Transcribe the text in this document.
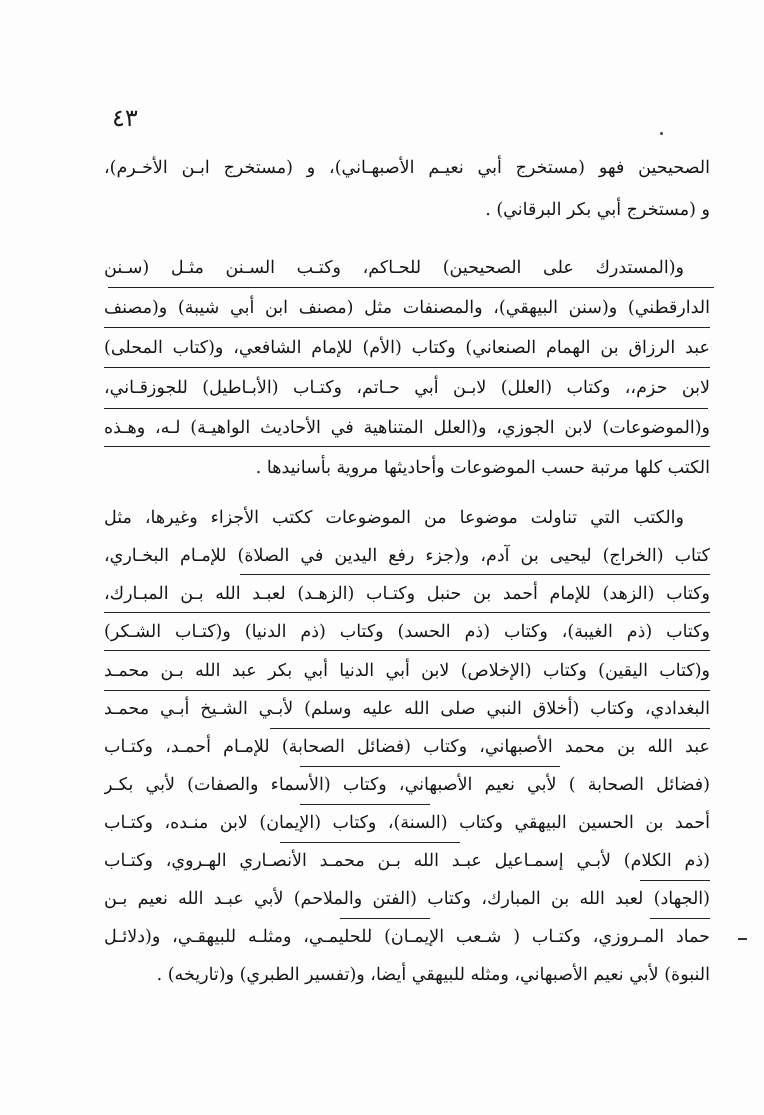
٤٣
الصحيحين فهو (مستخرج أبي نعيـم الأصبهـاني)، و (مستخرج ابـن الأخـرم)،
و (مستخرج أبي بكر البرقاني) .
و(المستدرك على الصحيحين) للحـاكم، وكتـب السـنن مثـل (سـنن
الدارقطني) و(سنن البيهقي)، والمصنفات مثل (مصنف ابن أبي شيبة) و(مصنف
عبد الرزاق بن الهمام الصنعاني) وكتاب (الأم) للإمام الشافعي، و(كتاب المحلى)
لابن حزم،، وكتاب (العلل) لابـن أبي حـاتم، وكتـاب (الأبـاطيل) للجوزقـاني،
و(الموضوعات) لابن الجوزي، و(العلل المتناهية في الأحاديث الواهيـة) لـه، وهـذه
الكتب كلها مرتبة حسب الموضوعات وأحاديثها مروية بأسانيدها .
والكتب التي تناولت موضوعا من الموضوعات ككتب الأجزاء وغيرها، مثل
كتاب (الخراج) ليحيى بن آدم، و(جزء رفع اليدين في الصلاة) للإمـام البخـاري،
وكتاب (الزهد) للإمام أحمد بن حنبل وكتـاب (الزهـد) لعبـد الله بـن المبـارك،
وكتاب (ذم الغيبة)، وكتاب (ذم الحسد) وكتاب (ذم الدنيا) و(كتـاب الشـكر)
و(كتاب اليقين) وكتاب (الإخلاص) لابن أبي الدنيا أبي بكر عبد الله بـن محمـد
البغدادي، وكتاب (أخلاق النبي صلى الله عليه وسلم) لأبـي الشـيخ أبـي محمـد
عبد الله بن محمد الأصبهاني، وكتاب (فضائل الصحابة) للإمـام أحمـد، وكتـاب
(فضائل الصحابة ) لأبي نعيم الأصبهاني، وكتاب (الأسماء والصفات) لأبي بكـر
أحمد بن الحسين البيهقي وكتاب (السنة)، وكتاب (الإيمان) لابن منـده، وكتـاب
(ذم الكلام) لأبـي إسمـاعيل عبـد الله بـن محمـد الأنصـاري الهـروي، وكتـاب
(الجهاد) لعبد الله بن المبارك، وكتاب (الفتن والملاحم) لأبي عبـد الله نعيم بـن
حماد المـروزي، وكتـاب ( شـعب الإيمـان) للحليمـي، ومثلـه للبيهقـي، و(دلائـل
النبوة) لأبي نعيم الأصبهاني، ومثله للبيهقي أيضا، و(تفسير الطبري) و(تاريخه) .
